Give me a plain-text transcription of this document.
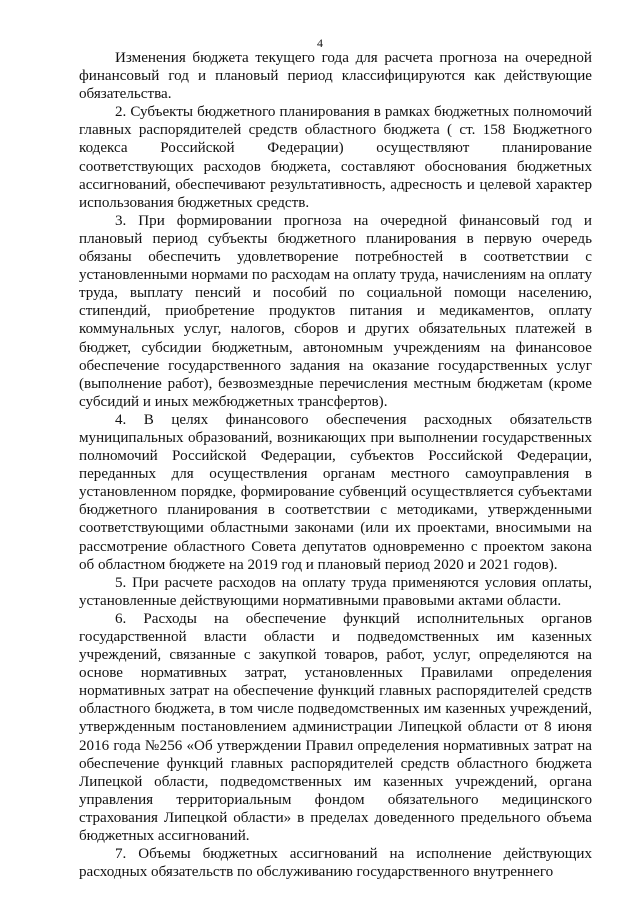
4

Изменения бюджета текущего года для расчета прогноза на очередной финансовый год и плановый период классифицируются как действующие обязательства.

2. Субъекты бюджетного планирования в рамках бюджетных полномочий главных распорядителей средств областного бюджета ( ст. 158 Бюджетного кодекса Российской Федерации) осуществляют планирование соответствующих расходов бюджета, составляют обоснования бюджетных ассигнований, обеспечивают результативность, адресность и целевой характер использования бюджетных средств.

3. При формировании прогноза на очередной финансовый год и плановый период субъекты бюджетного планирования в первую очередь обязаны обеспечить удовлетворение потребностей в соответствии с установленными нормами по расходам на оплату труда, начислениям на оплату труда, выплату пенсий и пособий по социальной помощи населению, стипендий, приобретение продуктов питания и медикаментов, оплату коммунальных услуг, налогов, сборов и других обязательных платежей в бюджет, субсидии бюджетным, автономным учреждениям на финансовое обеспечение государственного задания на оказание государственных услуг (выполнение работ), безвозмездные перечисления местным бюджетам (кроме субсидий и иных межбюджетных трансфертов).

4. В целях финансового обеспечения расходных обязательств муниципальных образований, возникающих при выполнении государственных полномочий Российской Федерации, субъектов Российской Федерации, переданных для осуществления органам местного самоуправления в установленном порядке, формирование субвенций осуществляется субъектами бюджетного планирования в соответствии с методиками, утвержденными соответствующими областными законами (или их проектами, вносимыми на рассмотрение областного Совета депутатов одновременно с проектом закона об областном бюджете на 2019 год и плановый период 2020 и 2021 годов).

5. При расчете расходов на оплату труда применяются условия оплаты, установленные действующими нормативными правовыми актами области.

6. Расходы на обеспечение функций исполнительных органов государственной власти области и подведомственных им казенных учреждений, связанные с закупкой товаров, работ, услуг, определяются на основе нормативных затрат, установленных Правилами определения нормативных затрат на обеспечение функций главных распорядителей средств областного бюджета, в том числе подведомственных им казенных учреждений, утвержденным постановлением администрации Липецкой области от 8 июня 2016 года №256 «Об утверждении Правил определения нормативных затрат на обеспечение функций главных распорядителей средств областного бюджета Липецкой области, подведомственных им казенных учреждений, органа управления территориальным фондом обязательного медицинского страхования Липецкой области» в пределах доведенного предельного объема бюджетных ассигнований.

7. Объемы бюджетных ассигнований на исполнение действующих расходных обязательств по обслуживанию государственного внутреннего
